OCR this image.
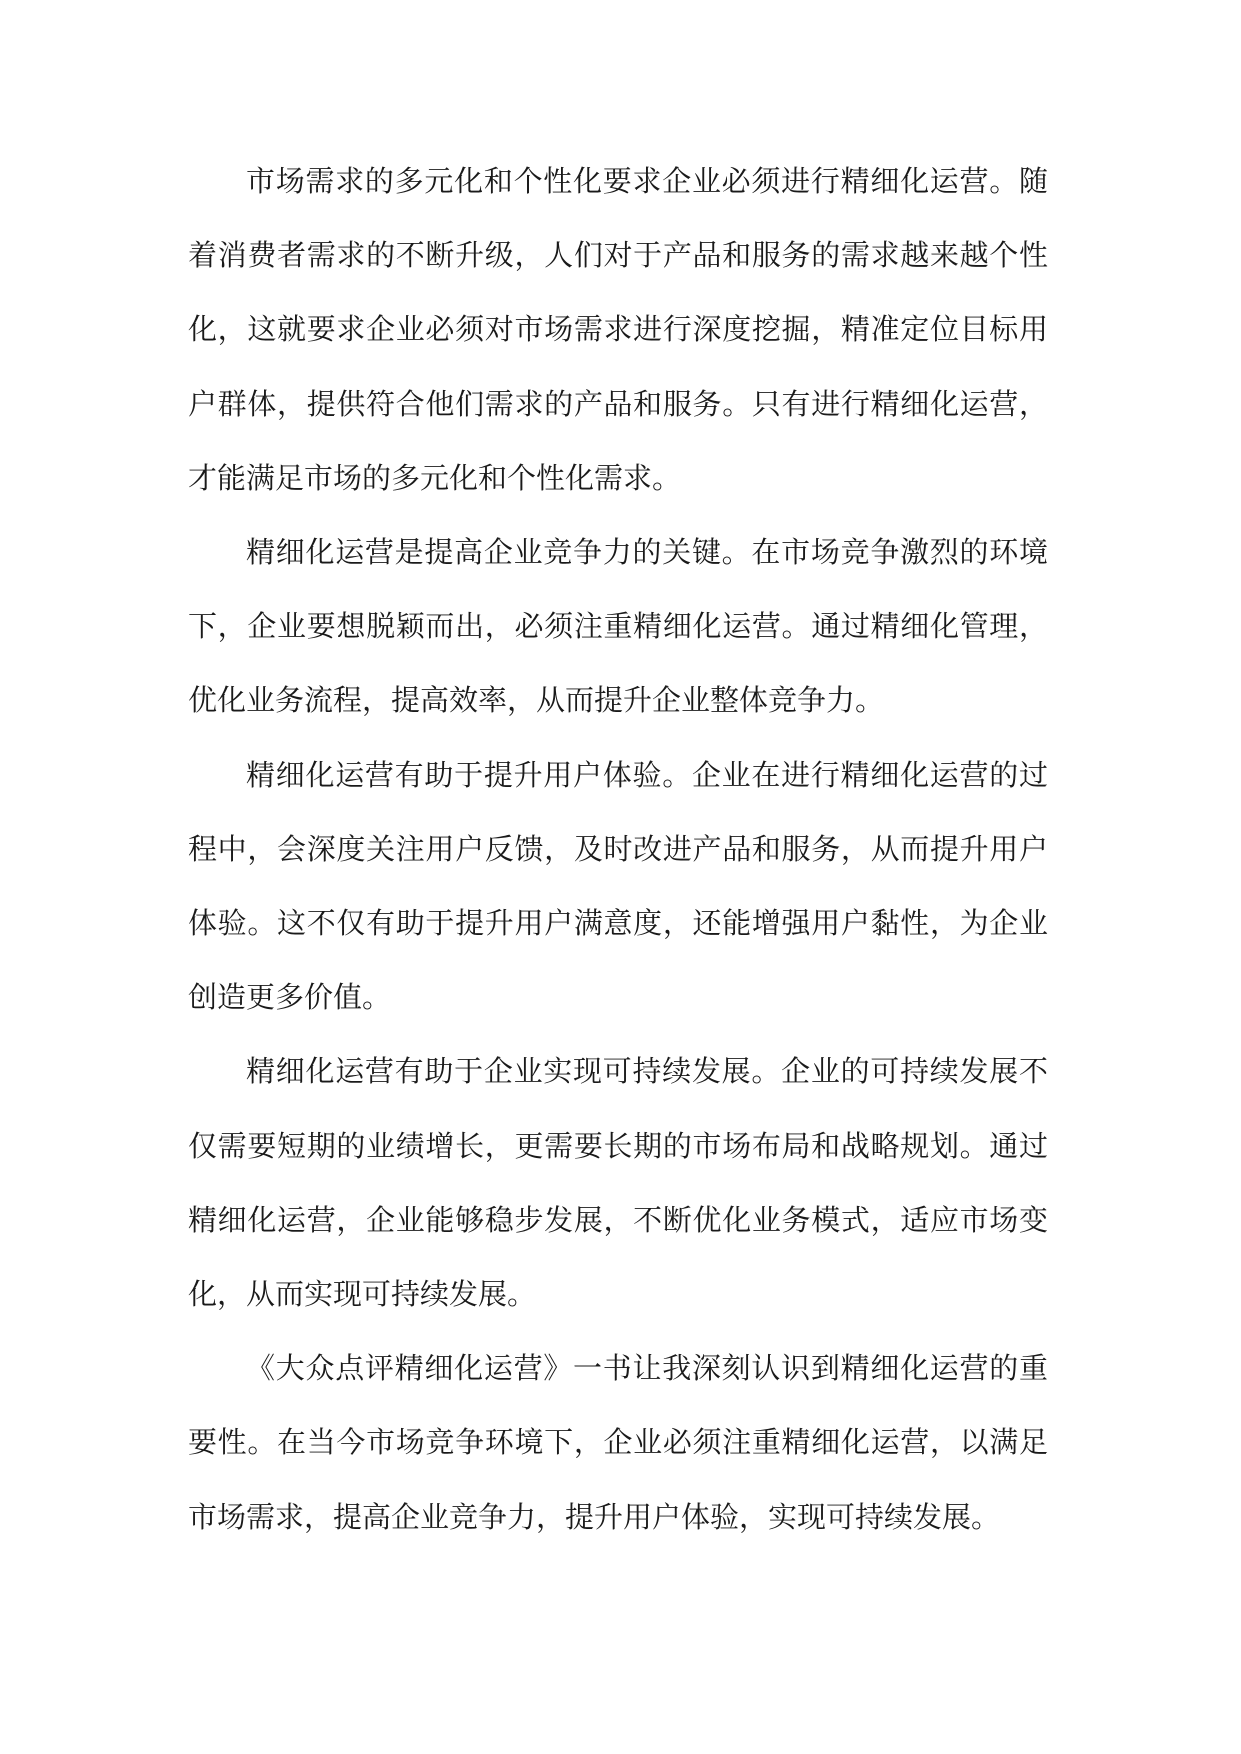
市场需求的多元化和个性化要求企业必须进行精细化运营。随着消费者需求的不断升级，人们对于产品和服务的需求越来越个性化，这就要求企业必须对市场需求进行深度挖掘，精准定位目标用户群体，提供符合他们需求的产品和服务。只有进行精细化运营，才能满足市场的多元化和个性化需求。

精细化运营是提高企业竞争力的关键。在市场竞争激烈的环境下，企业要想脱颖而出，必须注重精细化运营。通过精细化管理，优化业务流程，提高效率，从而提升企业整体竞争力。

精细化运营有助于提升用户体验。企业在进行精细化运营的过程中，会深度关注用户反馈，及时改进产品和服务，从而提升用户体验。这不仅有助于提升用户满意度，还能增强用户黏性，为企业创造更多价值。

精细化运营有助于企业实现可持续发展。企业的可持续发展不仅需要短期的业绩增长，更需要长期的市场布局和战略规划。通过精细化运营，企业能够稳步发展，不断优化业务模式，适应市场变化，从而实现可持续发展。

《大众点评精细化运营》一书让我深刻认识到精细化运营的重要性。在当今市场竞争环境下，企业必须注重精细化运营，以满足市场需求，提高企业竞争力，提升用户体验，实现可持续发展。
